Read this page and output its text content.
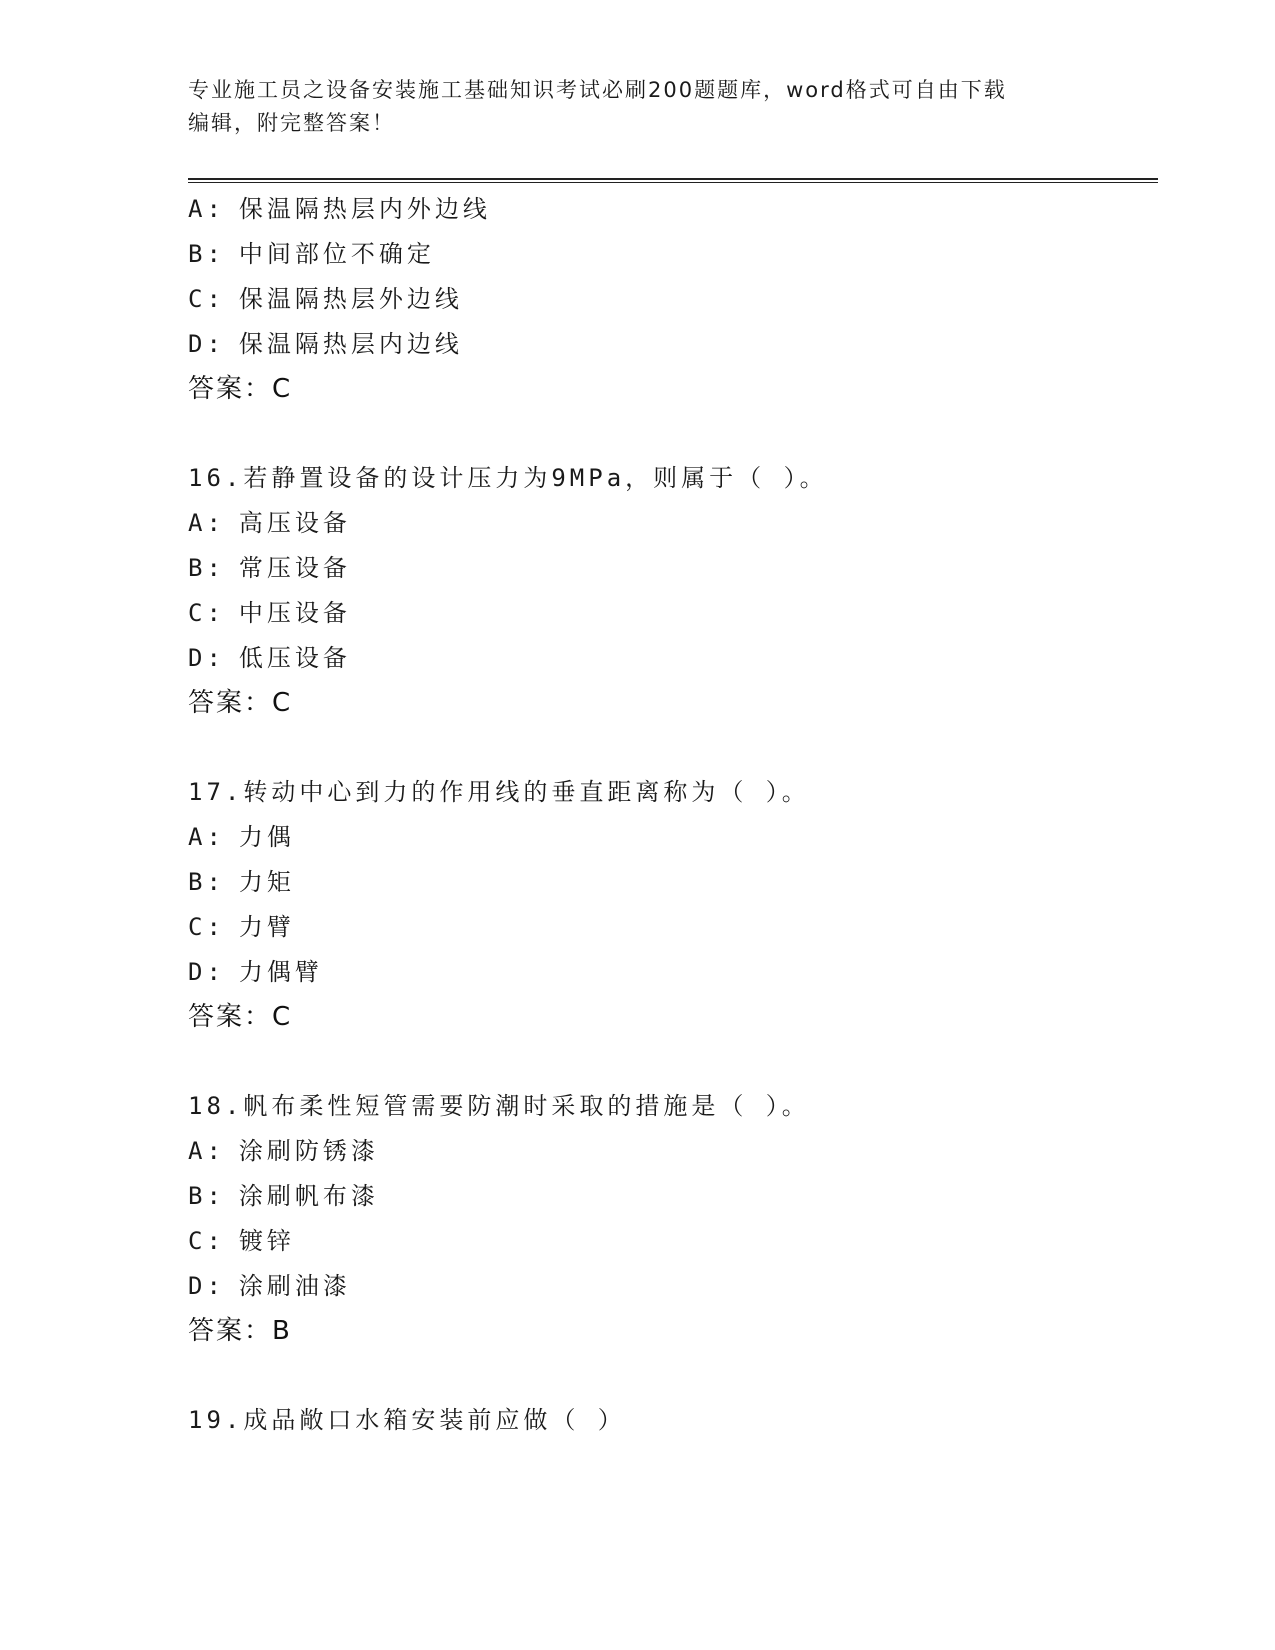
专业施工员之设备安装施工基础知识考试必刷200题题库，word格式可自由下载
编辑，附完整答案！
A: 保温隔热层内外边线
B: 中间部位不确定
C: 保温隔热层外边线
D: 保温隔热层内边线
答案：C
16.若静置设备的设计压力为9MPa，则属于（ ）。
A: 高压设备
B: 常压设备
C: 中压设备
D: 低压设备
答案：C
17.转动中心到力的作用线的垂直距离称为（ ）。
A: 力偶
B: 力矩
C: 力臂
D: 力偶臂
答案：C
18.帆布柔性短管需要防潮时采取的措施是（ ）。
A: 涂刷防锈漆
B: 涂刷帆布漆
C: 镀锌
D: 涂刷油漆
答案：B
19.成品敞口水箱安装前应做（ ）
